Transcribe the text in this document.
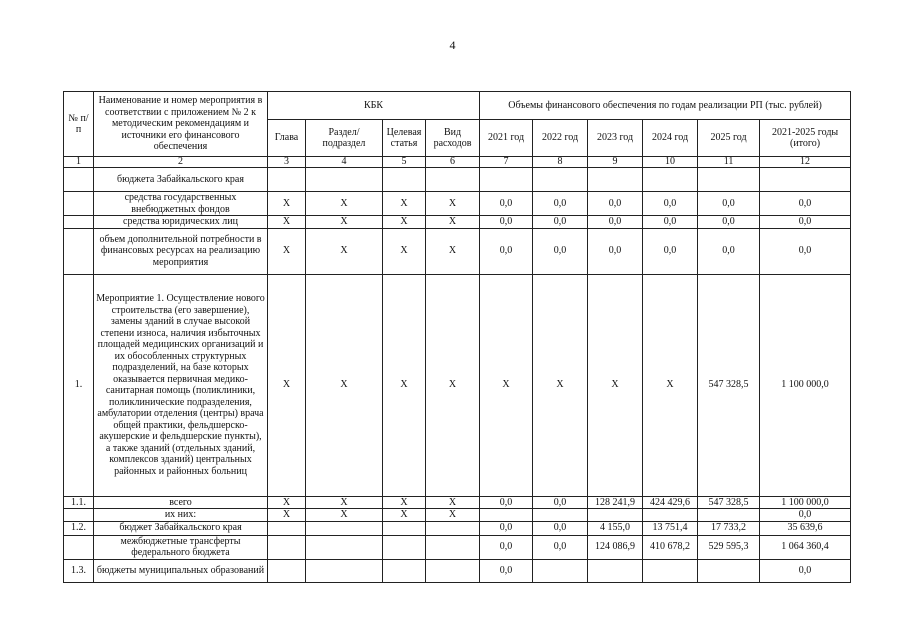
4
№ п/п	Наименование и номер мероприятия в соответствии с приложением № 2 к методическим рекомендациям и источники его финансового обеспечения	КБК				Объемы финансового обеспечения по годам реализации РП (тыс. рублей)					
		Глава	Раздел/подраздел	Целевая статья	Вид расходов	2021 год	2022 год	2023 год	2024 год	2025 год	2021-2025 годы (итого)
1	2	3	4	5	6	7	8	9	10	11	12
	бюджета Забайкальского края										
	средства государственных внебюджетных фондов	X	X	X	X	0,0	0,0	0,0	0,0	0,0	0,0
	средства юридических лиц	X	X	X	X	0,0	0,0	0,0	0,0	0,0	0,0
	объем дополнительной потребности в финансовых ресурсах на реализацию мероприятия	X	X	X	X	0,0	0,0	0,0	0,0	0,0	0,0
1.	Мероприятие 1. Осуществление нового строительства (его завершение), замены зданий в случае высокой степени износа, наличия избыточных площадей медицинских организаций и их обособленных структурных подразделений, на базе которых оказывается первичная медико-санитарная помощь (поликлиники, поликлинические подразделения, амбулатории отделения (центры) врача общей практики, фельдшерско-акушерские и фельдшерские пункты), а также зданий (отдельных зданий, комплексов зданий) центральных районных и районных больниц	X	X	X	X	X	X	X	X	547 328,5	1 100 000,0
1.1.	всего	X	X	X	X	0,0	0,0	128 241,9	424 429,6	547 328,5	1 100 000,0
	их них:	X	X	X	X						0,0
1.2.	бюджет Забайкальского края					0,0	0,0	4 155,0	13 751,4	17 733,2	35 639,6
	межбюджетные трансферты федерального бюджета					0,0	0,0	124 086,9	410 678,2	529 595,3	1 064 360,4
1.3.	бюджеты муниципальных образований					0,0					0,0
